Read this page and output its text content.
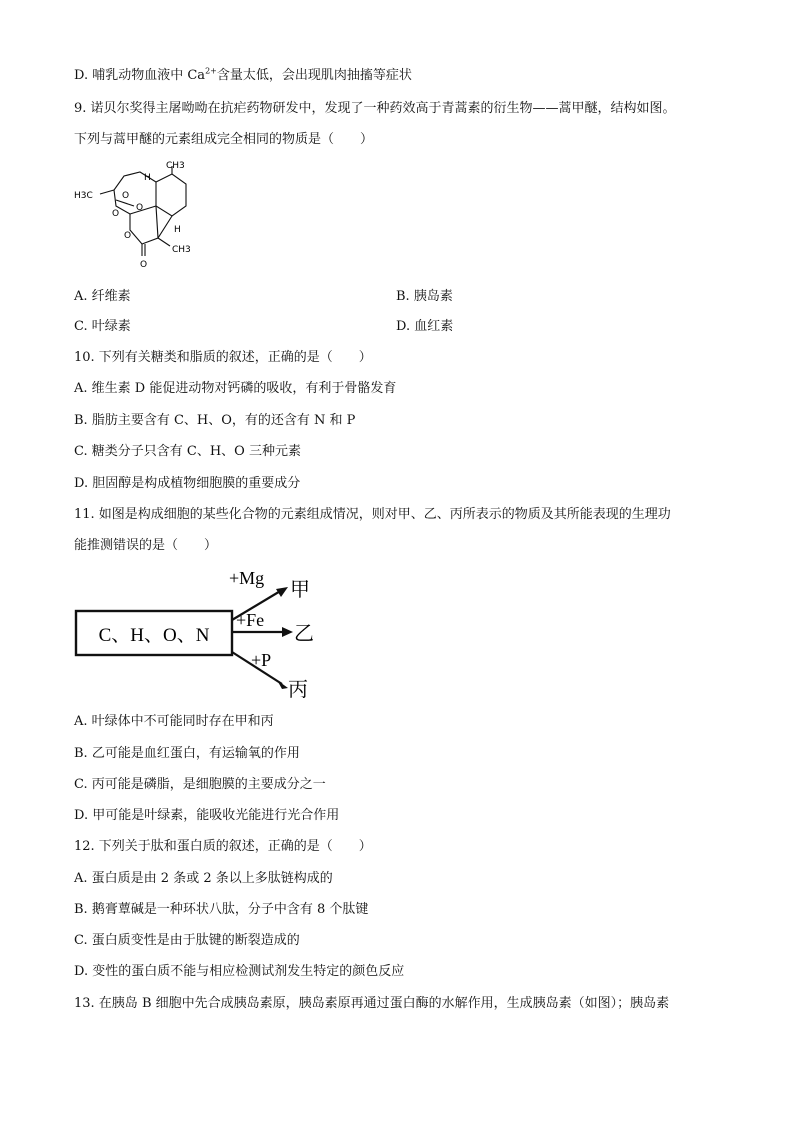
D. 哺乳动物血液中 $Ca^{2+}$含量太低，会出现肌肉抽搐等症状
9. 诺贝尔奖得主屠呦呦在抗疟药物研发中，发现了一种药效高于青蒿素的衍生物——蒿甲醚，结构如图。
下列与蒿甲醚的元素组成完全相同的物质是（　　）
CH3
H3C
H
H
CH3
O
O
O
O
O
A. 纤维素	B. 胰岛素
C. 叶绿素	D. 血红素
10. 下列有关糖类和脂质的叙述，正确的是（　　）
A. 维生素 D 能促进动物对钙磷的吸收，有利于骨骼发育
B. 脂肪主要含有 C、H、O，有的还含有 N 和 P
C. 糖类分子只含有 C、H、O 三种元素
D. 胆固醇是构成植物细胞膜的重要成分
11. 如图是构成细胞的某些化合物的元素组成情况，则对甲、乙、丙所表示的物质及其所能表现的生理功
能推测错误的是（　　）
C、H、O、N
+Mg
+Fe
+P
甲
乙
丙
A. 叶绿体中不可能同时存在甲和丙
B. 乙可能是血红蛋白，有运输氧的作用
C. 丙可能是磷脂，是细胞膜的主要成分之一
D. 甲可能是叶绿素，能吸收光能进行光合作用
12. 下列关于肽和蛋白质的叙述，正确的是（　　）
A. 蛋白质是由 2 条或 2 条以上多肽链构成的
B. 鹅膏蕈碱是一种环状八肽，分子中含有 8 个肽键
C. 蛋白质变性是由于肽键的断裂造成的
D. 变性的蛋白质不能与相应检测试剂发生特定的颜色反应
13. 在胰岛 B 细胞中先合成胰岛素原，胰岛素原再通过蛋白酶的水解作用，生成胰岛素（如图）；胰岛素
